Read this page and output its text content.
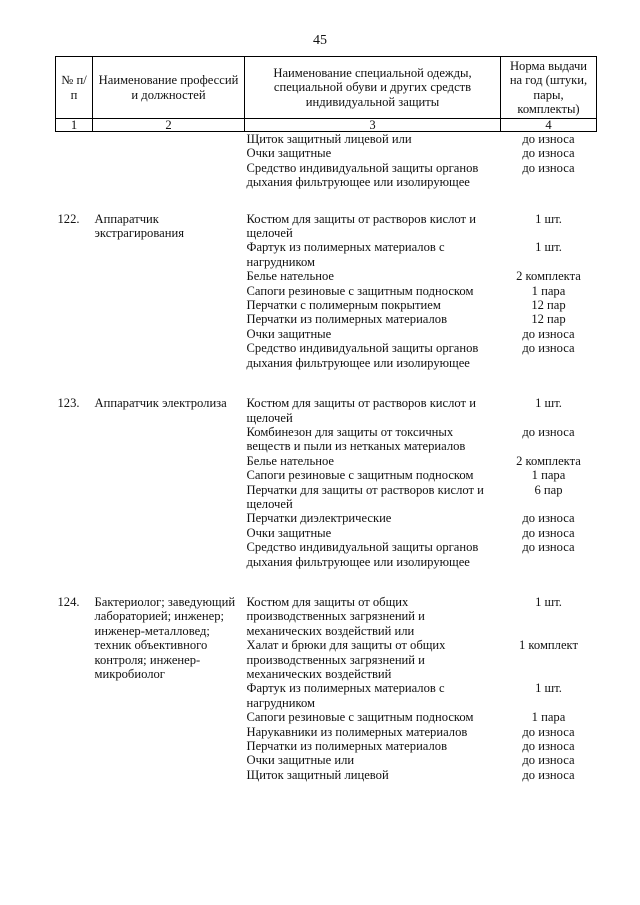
45
№ п/п	Наименование профессий и должностей	Наименование специальной одежды, специальной обуви и других средств индивидуальной защиты	Норма выдачи на год (штуки, пары, комплекты)
1	2	3	4
		Щиток защитный лицевой или	до износа
		Очки защитные	до износа
		Средство индивидуальной защиты органов дыхания фильтрующее или изолирующее	до износа

122.	Аппаратчик экстрагирования	Костюм для защиты от растворов кислот и щелочей	1 шт.
		Фартук из полимерных материалов с нагрудником	1 шт.
		Белье нательное	2 комплекта
		Сапоги резиновые с защитным подноском	1 пара
		Перчатки с полимерным покрытием	12 пар
		Перчатки из полимерных материалов	12 пар
		Очки защитные	до износа
		Средство индивидуальной защиты органов дыхания фильтрующее или изолирующее	до износа

123.	Аппаратчик электролиза	Костюм для защиты от растворов кислот и щелочей	1 шт.
		Комбинезон для защиты от токсичных веществ и пыли из нетканых материалов	до износа
		Белье нательное	2 комплекта
		Сапоги резиновые с защитным подноском	1 пара
		Перчатки для защиты от растворов кислот и щелочей	6 пар
		Перчатки диэлектрические	до износа
		Очки защитные	до износа
		Средство индивидуальной защиты органов дыхания фильтрующее или изолирующее	до износа

124.	Бактериолог; заведующий лабораторией; инженер; инженер-металловед; техник объективного контроля; инженер-микробиолог	Костюм для защиты от общих производственных загрязнений и механических воздействий или	1 шт.
		Халат и брюки для защиты от общих производственных загрязнений и механических воздействий	1 комплект
		Фартук из полимерных материалов с нагрудником	1 шт.
		Сапоги резиновые с защитным подноском	1 пара
		Нарукавники из полимерных материалов	до износа
		Перчатки из полимерных материалов	до износа
		Очки защитные или	до износа
		Щиток защитный лицевой	до износа
